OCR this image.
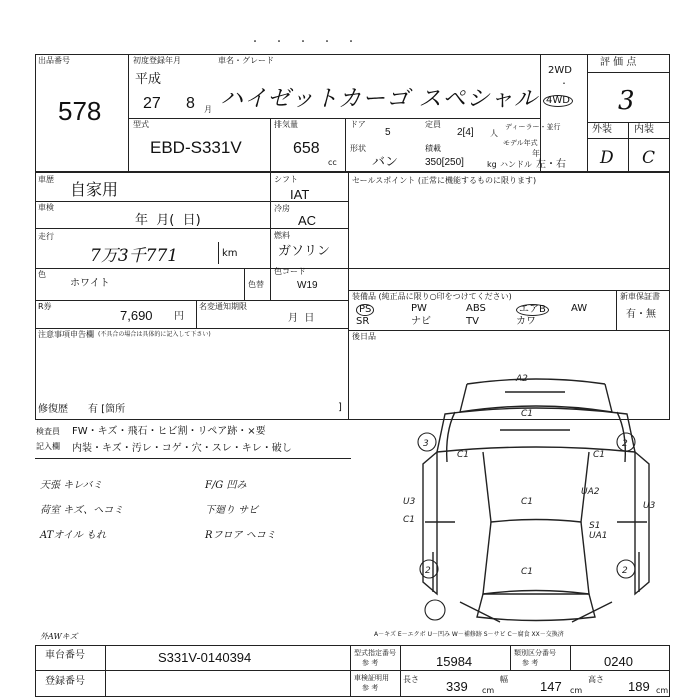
・・・・・
出品番号
578
初度登録年月
平成
27 8 月
車名・グレード
ハイゼットカーゴ スペシャル
2WD
・
4WD
評 価 点
3
外装 内装
D C
型式
EBD-S331V
排気量
658
cc
ドア
5
定員
2[4] 人
ディーラー・並行
形状
バン
積載
350[250]	kg
モデル年式
年
ハンドル 左・右
車歴
自家用
車検
年  月(  日)
走行
7万3千771	km
シフト
IAT
冷房
AC
燃料
ガソリン
セールスポイント (正常に機能するものに限ります)
色
ホワイト	色替
色コード
W19
装備品 (純正品に限り○印をつけてください)
PS	PW	ABS	エアB	AW
SR	ナビ	TV	カワ
新車保証書
有・無
R券
7,690 円
名変通知期限
月  日
注意事項申告欄 (不具合の場合は具体的に記入して下さい)	後日品
修復歴 有 [箇所	]
検査員 FW・キズ・飛石・ヒビ割・リペア跡・×要
記入欄 内装・キズ・汚レ・コゲ・穴・スレ・キレ・破し
天張 キレバミ
荷室 キズ、ヘコミ
ATオイル もれ
F/G 凹み
下廻り サビ
Rフロア ヘコミ
外AWキズ
A2
C1
C1	C1
C1
C1
UA2
U3
U3
C1
S1
UA1
3	2
2	2
A－キズ E－エクボ U－凹み W－補修跡 S－サビ C－腐食 XX－交換済
車台番号	S331V-0140394
登録番号
型式指定番号
参 考	15984
類別区分番号
参 考	0240
車検証明用
参 考
長さ 339 cm
幅 147 cm
高さ 189 cm
